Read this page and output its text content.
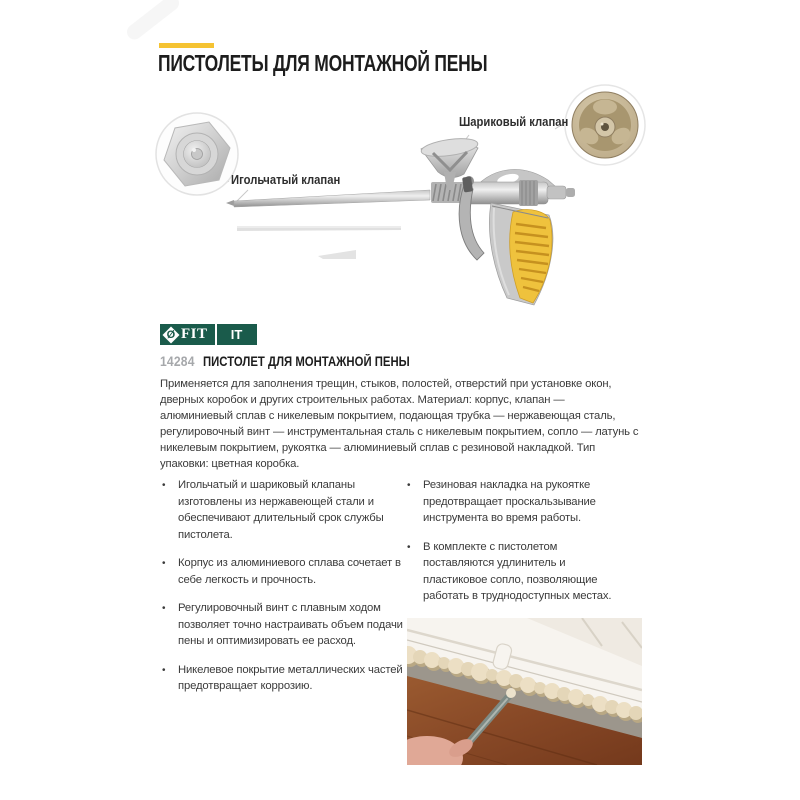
ПИСТОЛЕТЫ ДЛЯ МОНТАЖНОЙ ПЕНЫ
Игольчатый клапан
Шариковый клапан
Ø FIT	IT
14284 ПИСТОЛЕТ ДЛЯ МОНТАЖНОЙ ПЕНЫ

Применяется для заполнения трещин, стыков, полостей, отверстий при установке окон, дверных коробок и других строительных работах. Материал: корпус, клапан — алюминиевый сплав с никелевым покрытием, подающая трубка — нержавеющая сталь, регулировочный винт — инструментальная сталь с никелевым покрытием, сопло — латунь с никелевым покрытием, рукоятка — алюминиевый сплав с резиновой накладкой. Тип упаковки: цветная коробка.

• Игольчатый и шариковый клапаны изготовлены из нержавеющей стали и обеспечивают длительный срок службы пистолета.
• Корпус из алюминиевого сплава сочетает в себе легкость и прочность.
• Регулировочный винт с плавным ходом позволяет точно настраивать объем подачи пены и оптимизировать ее расход.
• Никелевое покрытие металлических частей предотвращает коррозию.
• Резиновая накладка на рукоятке предотвращает проскальзывание инструмента во время работы.
• В комплекте с пистолетом поставляются удлинитель и пластиковое сопло, позволяющие работать в труднодоступных местах.
